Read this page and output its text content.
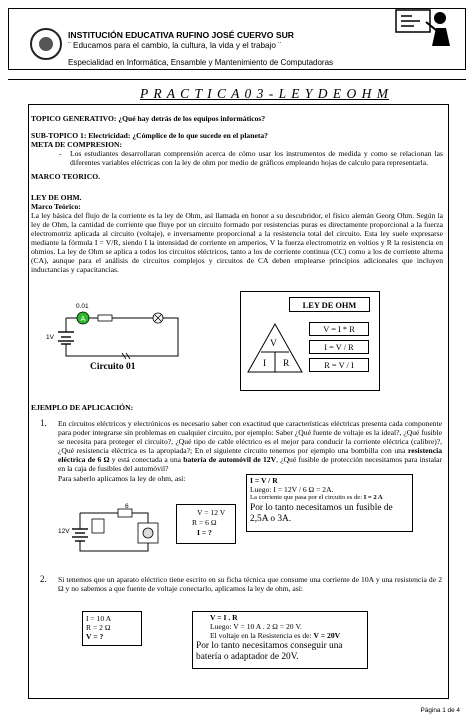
INSTITUCIÓN EDUCATIVA RUFINO JOSÉ CUERVO SUR
¨ Educamos para el cambio, la cultura, la vida y el trabajo ¨
Especialidad en Informática, Ensamble y Mantenimiento de Computadoras
P R A C T I C A 0 3 - L E Y D E O H M
TOPICO GENERATIVO: ¿Qué hay detrás de los equipos informáticos?
SUB-TOPICO 1: Electricidad: ¿Cómplice de lo que sucede en el planeta?
META DE COMPRESION:
- Los estudiantes desarrollaran comprensión acerca de cómo usar los instrumentos de medida y como se relacionan las diferentes variables eléctricas con la ley de ohm por medio de gráficos empleando hojas de calculo para representarla.
MARCO TEORICO.
LEY DE OHM.
Marco Teórico:
La ley básica del flujo de la corriente es la ley de Ohm, así llamada en honor a su descubridor, el físico alemán Georg Ohm. Según la ley de Ohm, la cantidad de corriente que fluye por un circuito formado por resistencias puras es directamente proporcional a la fuerza electromotriz aplicada al circuito (voltaje), e inversamente proporcional a la resistencia total del circuito. Esta ley suele expresarse mediante la fórmula I = V/R, siendo I la intensidad de corriente en amperios, V la fuerza electromotriz en voltios y R la resistencia en ohmios. La ley de Ohm se aplica a todos los circuitos eléctricos, tanto a los de corriente continua (CC) como a los de corriente alterna (CA), aunque para el análisis de circuitos complejos y circuitos de CA deben emplearse principios adicionales que incluyen inductancias y capacitancias.
A
0.01
1V
Circuito 01
LEY DE OHM
V
I R
V = I * R
I = V / R
R = V / I
EJEMPLO DE APLICACIÓN:
1. En circuitos eléctricos y electrónicos es necesario saber con exactitud que características eléctricas presenta cada componente para poder integrarse sin problemas en cualquier circuito, por ejemplo: Saber ¿Qué fuente de voltaje es la ideal?, ¿Qué fusible se necesita para proteger el circuito?, ¿Qué tipo de cable eléctrico es el mejor para conducir la corriente eléctrica (calibre)?, ¿Qué resistencia eléctrica es la apropiada?; En el siguiente circuito tenemos por ejemplo una bombilla con una resistencia eléctrica de 6 Ω y está conectada a una batería de automóvil de 12V, ¿Qué fusible de protección necesitamos para instalar en la caja de fusibles del automóvil?
Para saberlo aplicamos la ley de ohm, así:
6
12V
V = 12 V
R = 6 Ω
I = ?
I = V / R
Luego: I = 12V / 6 Ω = 2A.
La corriente que pasa por el circuito es de: I = 2 A
Por lo tanto necesitamos un fusible de 2,5A o 3A.
2. Si tenemos que un aparato eléctrico tiene escrito en su ficha técnica que consume una corriente de 10A y una resistencia de 2 Ω y no sabemos a que fuente de voltaje conectarlo, aplicamos la ley de ohm, así:
I = 10 A
R = 2 Ω
V = ?
V = I . R
Luego: V = 10 A . 2 Ω = 20 V.
El voltaje en la Resistencia es de: V = 20V
Por lo tanto necesitamos conseguir una batería o adaptador de 20V.
Página 1 de 4
